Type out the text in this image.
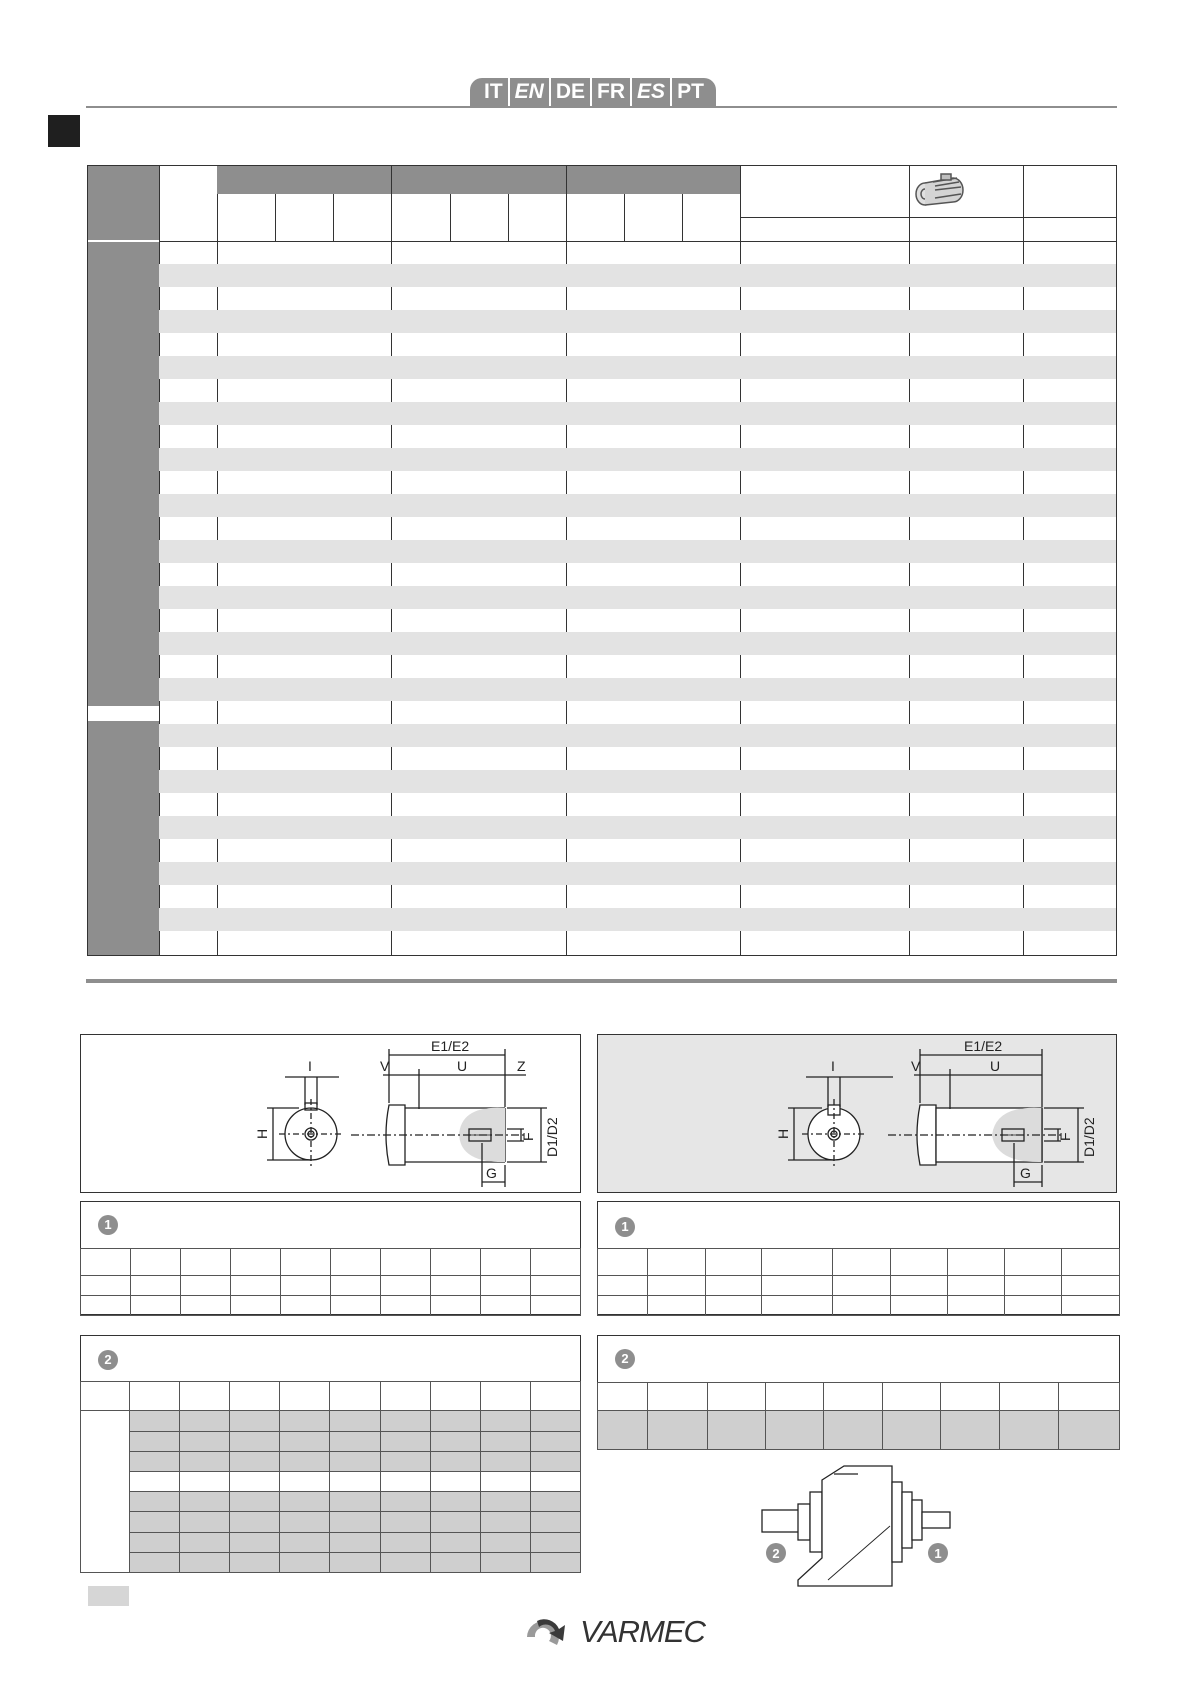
IT EN DE FR ES PT
I
H
V	U	Z
E1/E2
F D1/D2
G
I
H
V	U
E1/E2
F D1/D2
G
1

										1

2

									2

2	1
VARMEC
